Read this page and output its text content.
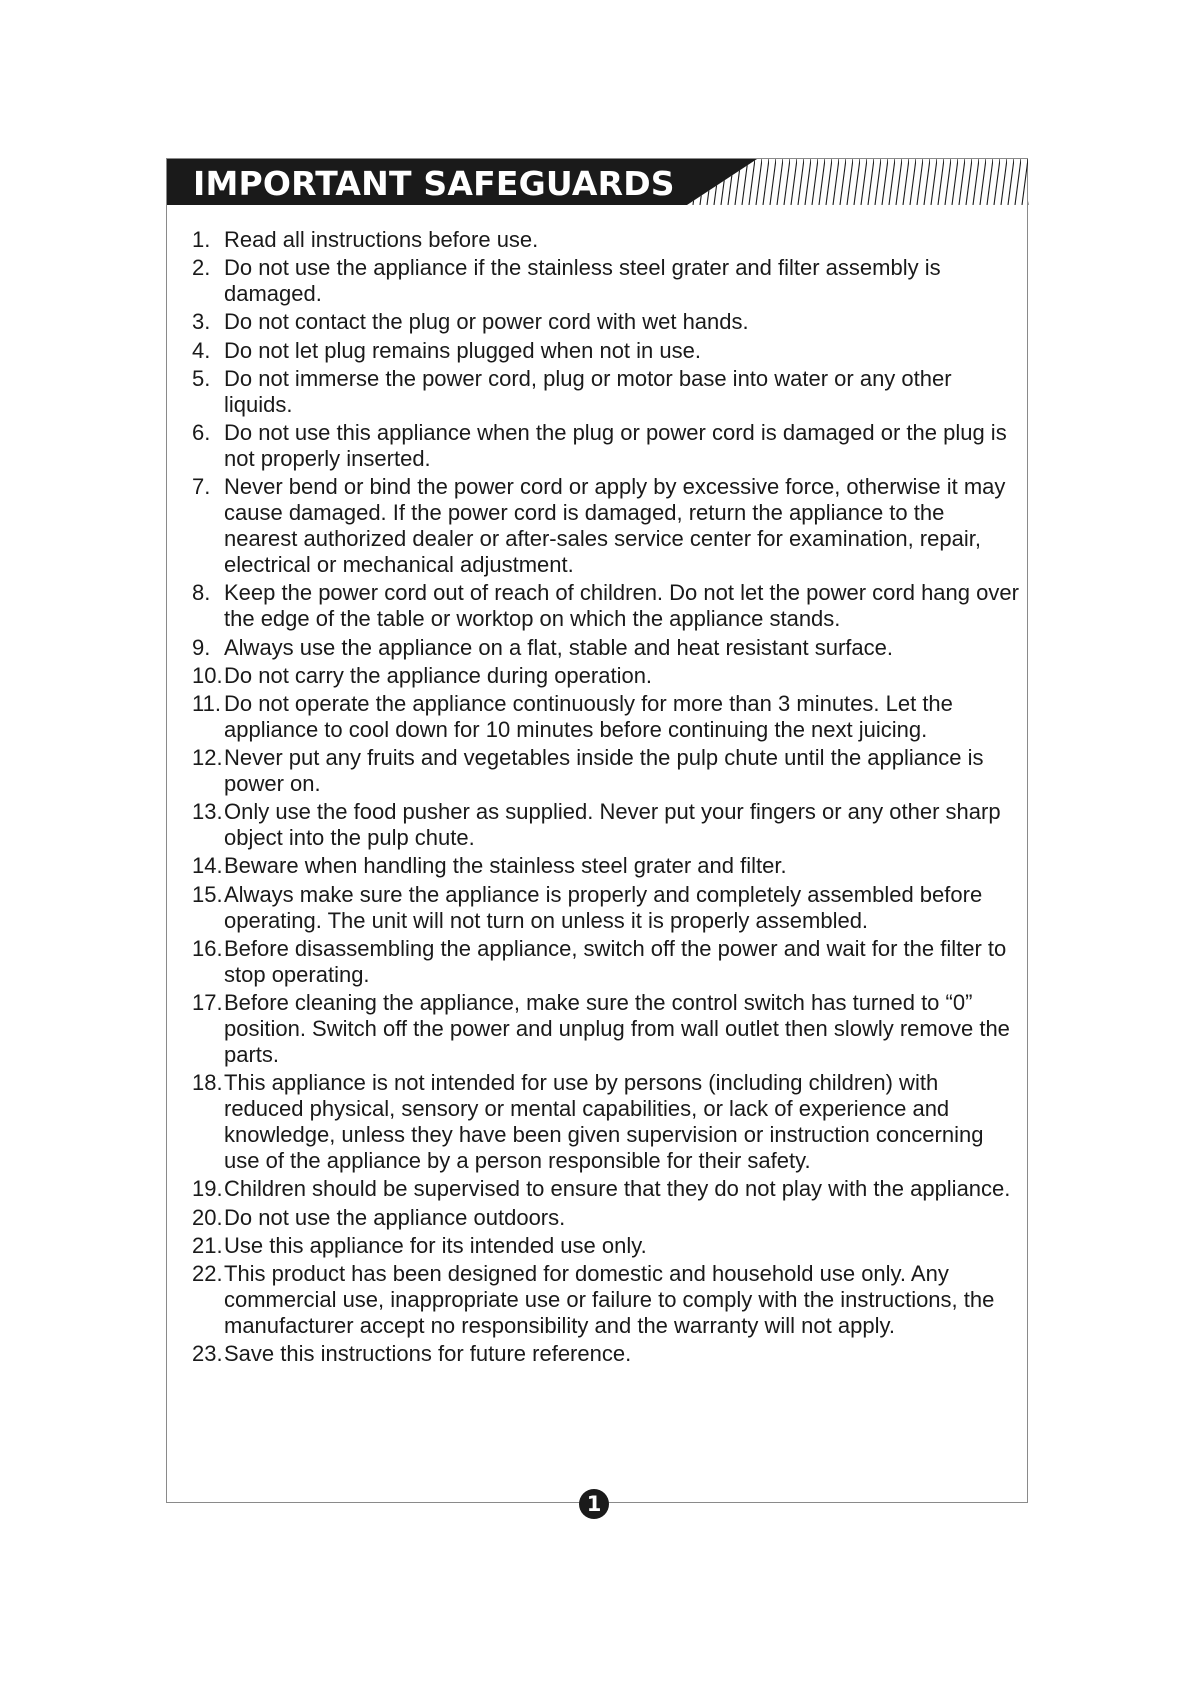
IMPORTANT SAFEGUARDS
1. Read all instructions before use.
2. Do not use the appliance if the stainless steel grater and filter assembly is damaged.
3. Do not contact the plug or power cord with wet hands.
4. Do not let plug remains plugged when not in use.
5. Do not immerse the power cord, plug or motor base into water or any other liquids.
6. Do not use this appliance when the plug or power cord is damaged or the plug is not properly inserted.
7. Never bend or bind the power cord or apply by excessive force, otherwise it may cause damaged. If the power cord is damaged, return the appliance to the nearest authorized dealer or after-sales service center for examination, repair, electrical or mechanical adjustment.
8. Keep the power cord out of reach of children. Do not let the power cord hang over the edge of the table or worktop on which the appliance stands.
9. Always use the appliance on a flat, stable and heat resistant surface.
10. Do not carry the appliance during operation.
11. Do not operate the appliance continuously for more than 3 minutes. Let the appliance to cool down for 10 minutes before continuing the next juicing.
12. Never put any fruits and vegetables inside the pulp chute until the appliance is power on.
13. Only use the food pusher as supplied. Never put your fingers or any other sharp object into the pulp chute.
14. Beware when handling the stainless steel grater and filter.
15. Always make sure the appliance is properly and completely assembled before operating. The unit will not turn on unless it is properly assembled.
16. Before disassembling the appliance, switch off the power and wait for the filter to stop operating.
17. Before cleaning the appliance, make sure the control switch has turned to “0” position. Switch off the power and unplug from wall outlet then slowly remove the parts.
18. This appliance is not intended for use by persons (including children) with reduced physical, sensory or mental capabilities, or lack of experience and knowledge, unless they have been given supervision or instruction concerning use of the appliance by a person responsible for their safety.
19. Children should be supervised to ensure that they do not play with the appliance.
20. Do not use the appliance outdoors.
21. Use this appliance for its intended use only.
22. This product has been designed for domestic and household use only. Any commercial use, inappropriate use or failure to comply with the instructions, the manufacturer accept no responsibility and the warranty will not apply.
23. Save this instructions for future reference.
1
